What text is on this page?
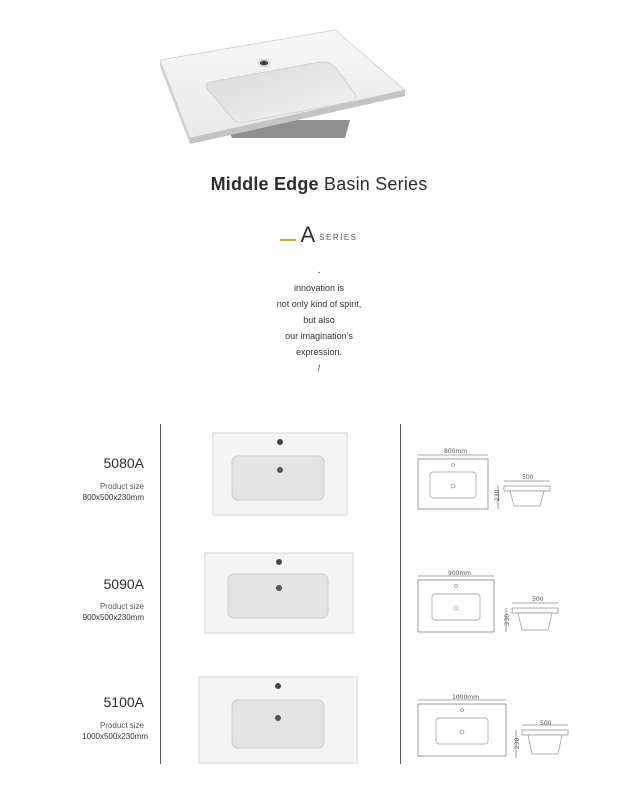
Middle Edge Basin Series
A SERIES
-
innovation is
not only kind of spirit,
but also
our imagination's
expression.
/
5080A
Product size
800x500x230mm
800mm
230
500
5090A
Product size
900x500x230mm
900mm
230
500
5100A
Product size
1000x500x230mm
1000mm
230
500
